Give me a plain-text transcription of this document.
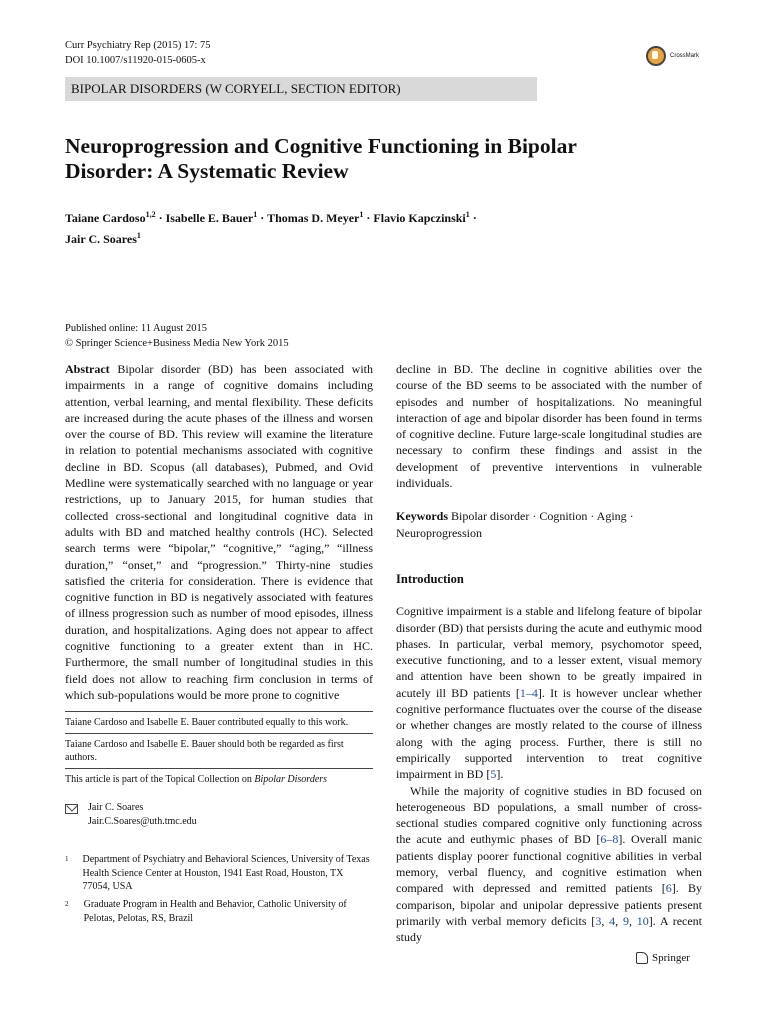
Curr Psychiatry Rep (2015) 17: 75
DOI 10.1007/s11920-015-0605-x	CrossMark
BIPOLAR DISORDERS (W CORYELL, SECTION EDITOR)
Neuroprogression and Cognitive Functioning in Bipolar
Disorder: A Systematic Review
Taiane Cardoso$^{1,2}$ · Isabelle E. Bauer$^1$ · Thomas D. Meyer$^1$ · Flavio Kapczinski$^1$ ·
Jair C. Soares$^1$
Published online: 11 August 2015
© Springer Science+Business Media New York 2015

Abstract Bipolar disorder (BD) has been associated with impairments in a range of cognitive domains including attention, verbal learning, and mental flexibility. These deficits are increased during the acute phases of the illness and worsen over the course of BD. This review will examine the literature in relation to potential mechanisms associated with cognitive decline in BD. Scopus (all databases), Pubmed, and Ovid Medline were systematically searched with no language or year restrictions, up to January 2015, for human studies that collected cross-sectional and longitudinal cognitive data in adults with BD and matched healthy controls (HC). Selected search terms were “bipolar,” “cognitive,” “aging,” “illness duration,” “onset,” and “progression.” Thirty-nine studies satisfied the criteria for consideration. There is evidence that cognitive function in BD is negatively associated with features of illness progression such as number of mood episodes, illness duration, and hospitalizations. Aging does not appear to affect cognitive functioning to a greater extent than in HC. Furthermore, the small number of longitudinal studies in this field does not allow to reaching firm conclusion in terms of which sub-populations would be more prone to cognitive

Taiane Cardoso and Isabelle E. Bauer contributed equally to this work.
Taiane Cardoso and Isabelle E. Bauer should both be regarded as first authors.
This article is part of the Topical Collection on Bipolar Disorders
Jair C. Soares
Jair.C.Soares@uth.tmc.edu
1 Department of Psychiatry and Behavioral Sciences, University of Texas Health Science Center at Houston, 1941 East Road, Houston, TX 77054, USA
2 Graduate Program in Health and Behavior, Catholic University of Pelotas, Pelotas, RS, Brazil

decline in BD. The decline in cognitive abilities over the course of the BD seems to be associated with the number of episodes and number of hospitalizations. No meaningful interaction of age and bipolar disorder has been found in terms of cognitive decline. Future large-scale longitudinal studies are necessary to confirm these findings and assist in the development of preventive interventions in vulnerable individuals.

Keywords Bipolar disorder · Cognition · Aging · Neuroprogression

Introduction

Cognitive impairment is a stable and lifelong feature of bipolar disorder (BD) that persists during the acute and euthymic mood phases. In particular, verbal memory, psychomotor speed, executive functioning, and to a lesser extent, visual memory and attention have been shown to be greatly impaired in acutely ill BD patients [1–4]. It is however unclear whether cognitive performance fluctuates over the course of the disease or whether changes are mostly related to the course of illness along with the aging process. Further, there is still no empirically supported intervention to treat cognitive impairment in BD [5].

While the majority of cognitive studies in BD focused on heterogeneous BD populations, a small number of cross-sectional studies compared cognitive only functioning across the acute and euthymic phases of BD [6–8]. Overall manic patients display poorer functional cognitive abilities in verbal memory, verbal fluency, and cognitive estimation when compared with depressed and remitted patients [6]. By comparison, bipolar and unipolar depressive patients present primarily with verbal memory deficits [3, 4, 9, 10]. A recent study

Springer
